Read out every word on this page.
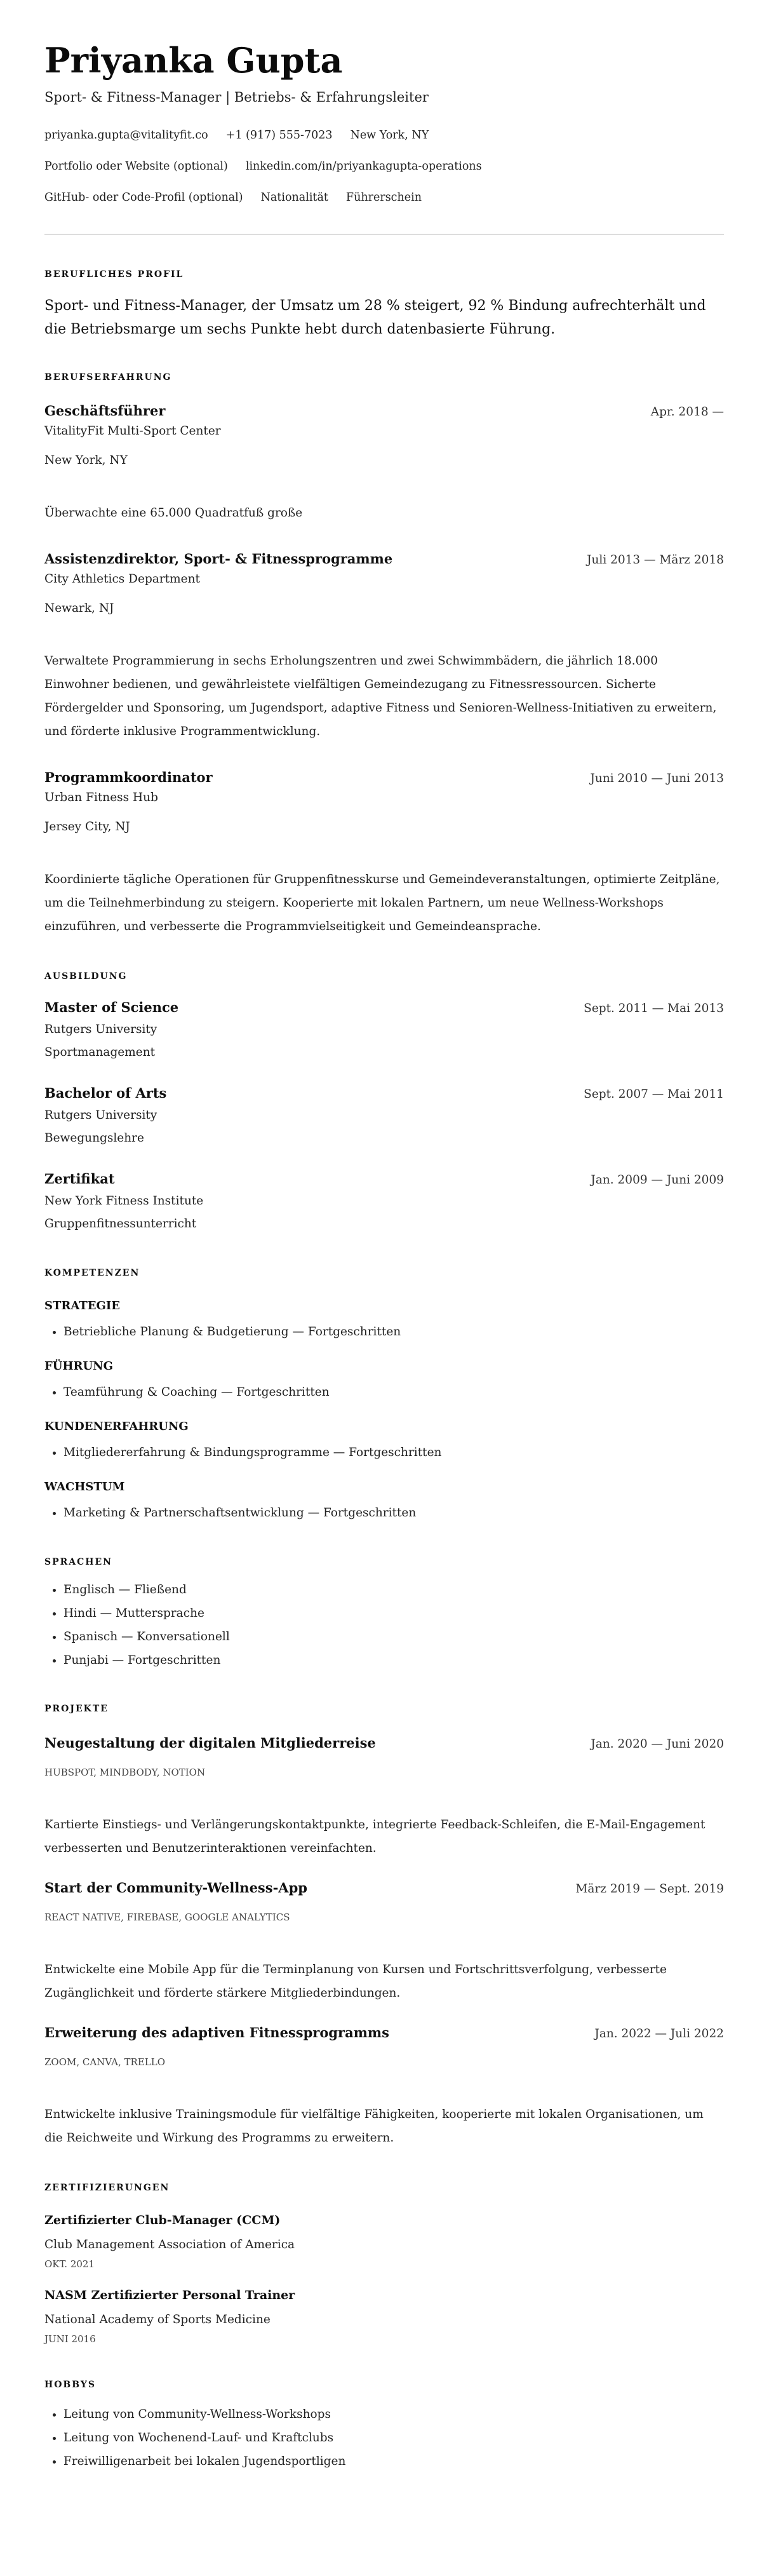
Priyanka Gupta
Sport- & Fitness-Manager | Betriebs- & Erfahrungsleiter
priyanka.gupta@vitalityfit.co +1 (917) 555-7023 New York, NY
Portfolio oder Website (optional) linkedin.com/in/priyankagupta-operations
GitHub- oder Code-Profil (optional) Nationalität Führerschein
BERUFLICHES PROFIL
Sport- und Fitness-Manager, der Umsatz um 28 % steigert, 92 % Bindung aufrechterhält und die Betriebsmarge um sechs Punkte hebt durch datenbasierte Führung.
BERUFSERFAHRUNG
Geschäftsführer	Apr. 2018 —
VitalityFit Multi-Sport Center
New York, NY
Überwachte eine 65.000 Quadratfuß große
Assistenzdirektor, Sport- & Fitnessprogramme	Juli 2013 — März 2018
City Athletics Department
Newark, NJ
Verwaltete Programmierung in sechs Erholungszentren und zwei Schwimmbädern, die jährlich 18.000 Einwohner bedienen, und gewährleistete vielfältigen Gemeindezugang zu Fitnessressourcen. Sicherte Fördergelder und Sponsoring, um Jugendsport, adaptive Fitness und Senioren-Wellness-Initiativen zu erweitern, und förderte inklusive Programmentwicklung.
Programmkoordinator	Juni 2010 — Juni 2013
Urban Fitness Hub
Jersey City, NJ
Koordinierte tägliche Operationen für Gruppenfitnesskurse und Gemeindeveranstaltungen, optimierte Zeitpläne, um die Teilnehmerbindung zu steigern. Kooperierte mit lokalen Partnern, um neue Wellness-Workshops einzuführen, und verbesserte die Programmvielseitigkeit und Gemeindeansprache.
AUSBILDUNG
Master of Science	Sept. 2011 — Mai 2013
Rutgers University
Sportmanagement
Bachelor of Arts	Sept. 2007 — Mai 2011
Rutgers University
Bewegungslehre
Zertifikat	Jan. 2009 — Juni 2009
New York Fitness Institute
Gruppenfitnessunterricht
KOMPETENZEN
STRATEGIE
• Betriebliche Planung & Budgetierung — Fortgeschritten
FÜHRUNG
• Teamführung & Coaching — Fortgeschritten
KUNDENERFAHRUNG
• Mitgliedererfahrung & Bindungsprogramme — Fortgeschritten
WACHSTUM
• Marketing & Partnerschaftsentwicklung — Fortgeschritten
SPRACHEN
• Englisch — Fließend
• Hindi — Muttersprache
• Spanisch — Konversationell
• Punjabi — Fortgeschritten
PROJEKTE
Neugestaltung der digitalen Mitgliederreise	Jan. 2020 — Juni 2020
HUBSPOT, MINDBODY, NOTION
Kartierte Einstiegs- und Verlängerungskontaktpunkte, integrierte Feedback-Schleifen, die E-Mail-Engagement verbesserten und Benutzerinteraktionen vereinfachten.
Start der Community-Wellness-App	März 2019 — Sept. 2019
REACT NATIVE, FIREBASE, GOOGLE ANALYTICS
Entwickelte eine Mobile App für die Terminplanung von Kursen und Fortschrittsverfolgung, verbesserte Zugänglichkeit und förderte stärkere Mitgliederbindungen.
Erweiterung des adaptiven Fitnessprogramms	Jan. 2022 — Juli 2022
ZOOM, CANVA, TRELLO
Entwickelte inklusive Trainingsmodule für vielfältige Fähigkeiten, kooperierte mit lokalen Organisationen, um die Reichweite und Wirkung des Programms zu erweitern.
ZERTIFIZIERUNGEN
Zertifizierter Club-Manager (CCM)
Club Management Association of America
OKT. 2021
NASM Zertifizierter Personal Trainer
National Academy of Sports Medicine
JUNI 2016
HOBBYS
• Leitung von Community-Wellness-Workshops
• Leitung von Wochenend-Lauf- und Kraftclubs
• Freiwilligenarbeit bei lokalen Jugendsportligen
